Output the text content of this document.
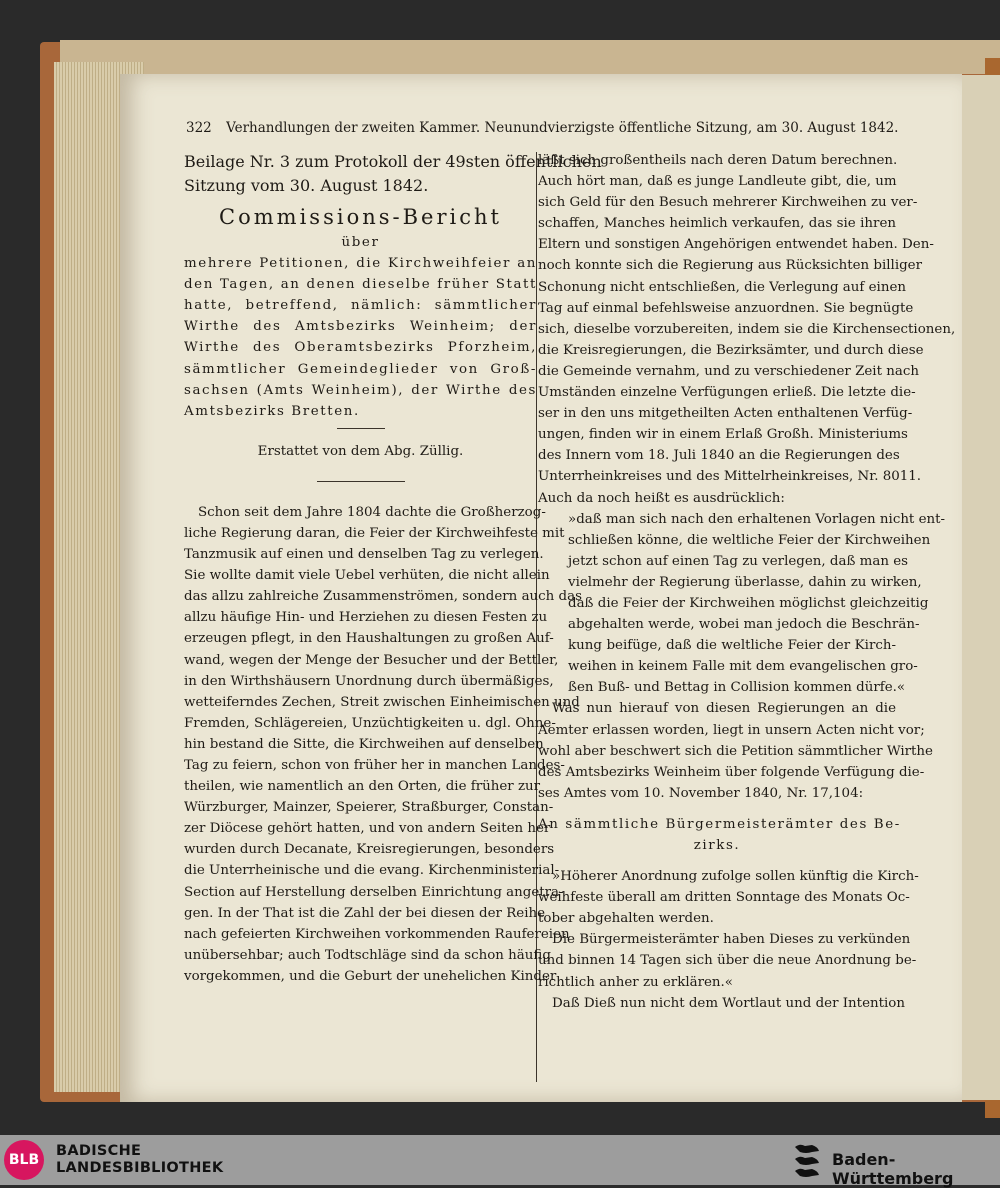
322 Verhandlungen der zweiten Kammer. Neunundvierzigste öffentliche Sitzung, am 30. August 1842.
Beilage Nr. 3 zum Protokoll der 49sten öffentlichen
Sitzung vom 30. August 1842.
Commissions-Bericht
über
mehrere Petitionen, die Kirchweihfeier an
den Tagen, an denen dieselbe früher Statt
hatte, betreffend, nämlich: sämmtlicher
Wirthe des Amtsbezirks Weinheim; der
Wirthe des Oberamtsbezirks Pforzheim,
sämmtlicher Gemeindeglieder von Groß-
sachsen (Amts Weinheim), der Wirthe des
Amtsbezirks Bretten.
Erstattet von dem Abg. Züllig.
Schon seit dem Jahre 1804 dachte die Großherzog-
liche Regierung daran, die Feier der Kirchweihfeste mit
Tanzmusik auf einen und denselben Tag zu verlegen.
Sie wollte damit viele Uebel verhüten, die nicht allein
das allzu zahlreiche Zusammenströmen, sondern auch das
allzu häufige Hin- und Herziehen zu diesen Festen zu
erzeugen pflegt, in den Haushaltungen zu großen Auf-
wand, wegen der Menge der Besucher und der Bettler,
in den Wirthshäusern Unordnung durch übermäßiges,
wetteiferndes Zechen, Streit zwischen Einheimischen und
Fremden, Schlägereien, Unzüchtigkeiten u. dgl. Ohne-
hin bestand die Sitte, die Kirchweihen auf denselben
Tag zu feiern, schon von früher her in manchen Landes-
theilen, wie namentlich an den Orten, die früher zur
Würzburger, Mainzer, Speierer, Straßburger, Constan-
zer Diöcese gehört hatten, und von andern Seiten her
wurden durch Decanate, Kreisregierungen, besonders
die Unterrheinische und die evang. Kirchenministerial-
Section auf Herstellung derselben Einrichtung angetra-
gen. In der That ist die Zahl der bei diesen der Reihe
nach gefeierten Kirchweihen vorkommenden Raufereien
unübersehbar; auch Todtschläge sind da schon häufig
vorgekommen, und die Geburt der unehelichen Kinder
läßt sich großentheils nach deren Datum berechnen.
Auch hört man, daß es junge Landleute gibt, die, um
sich Geld für den Besuch mehrerer Kirchweihen zu ver-
schaffen, Manches heimlich verkaufen, das sie ihren
Eltern und sonstigen Angehörigen entwendet haben. Den-
noch konnte sich die Regierung aus Rücksichten billiger
Schonung nicht entschließen, die Verlegung auf einen
Tag auf einmal befehlsweise anzuordnen. Sie begnügte
sich, dieselbe vorzubereiten, indem sie die Kirchensectionen,
die Kreisregierungen, die Bezirksämter, und durch diese
die Gemeinde vernahm, und zu verschiedener Zeit nach
Umständen einzelne Verfügungen erließ. Die letzte die-
ser in den uns mitgetheilten Acten enthaltenen Verfüg-
ungen, finden wir in einem Erlaß Großh. Ministeriums
des Innern vom 18. Juli 1840 an die Regierungen des
Unterrheinkreises und des Mittelrheinkreises, Nr. 8011.
Auch da noch heißt es ausdrücklich:
»daß man sich nach den erhaltenen Vorlagen nicht ent-
schließen könne, die weltliche Feier der Kirchweihen
jetzt schon auf einen Tag zu verlegen, daß man es
vielmehr der Regierung überlasse, dahin zu wirken,
daß die Feier der Kirchweihen möglichst gleichzeitig
abgehalten werde, wobei man jedoch die Beschrän-
kung beifüge, daß die weltliche Feier der Kirch-
weihen in keinem Falle mit dem evangelischen gro-
ßen Buß- und Bettag in Collision kommen dürfe.«
Was nun hierauf von diesen Regierungen an die
Aemter erlassen worden, liegt in unsern Acten nicht vor;
wohl aber beschwert sich die Petition sämmtlicher Wirthe
des Amtsbezirks Weinheim über folgende Verfügung die-
ses Amtes vom 10. November 1840, Nr. 17,104:
An sämmtliche Bürgermeisterämter des Be-
zirks.
»Höherer Anordnung zufolge sollen künftig die Kirch-
weihfeste überall am dritten Sonntage des Monats Oc-
tober abgehalten werden.
Die Bürgermeisterämter haben Dieses zu verkünden
und binnen 14 Tagen sich über die neue Anordnung be-
richtlich anher zu erklären.«
Daß Dieß nun nicht dem Wortlaut und der Intention
BLB
BADISCHE
LANDESBIBLIOTHEK	Baden-Württemberg
